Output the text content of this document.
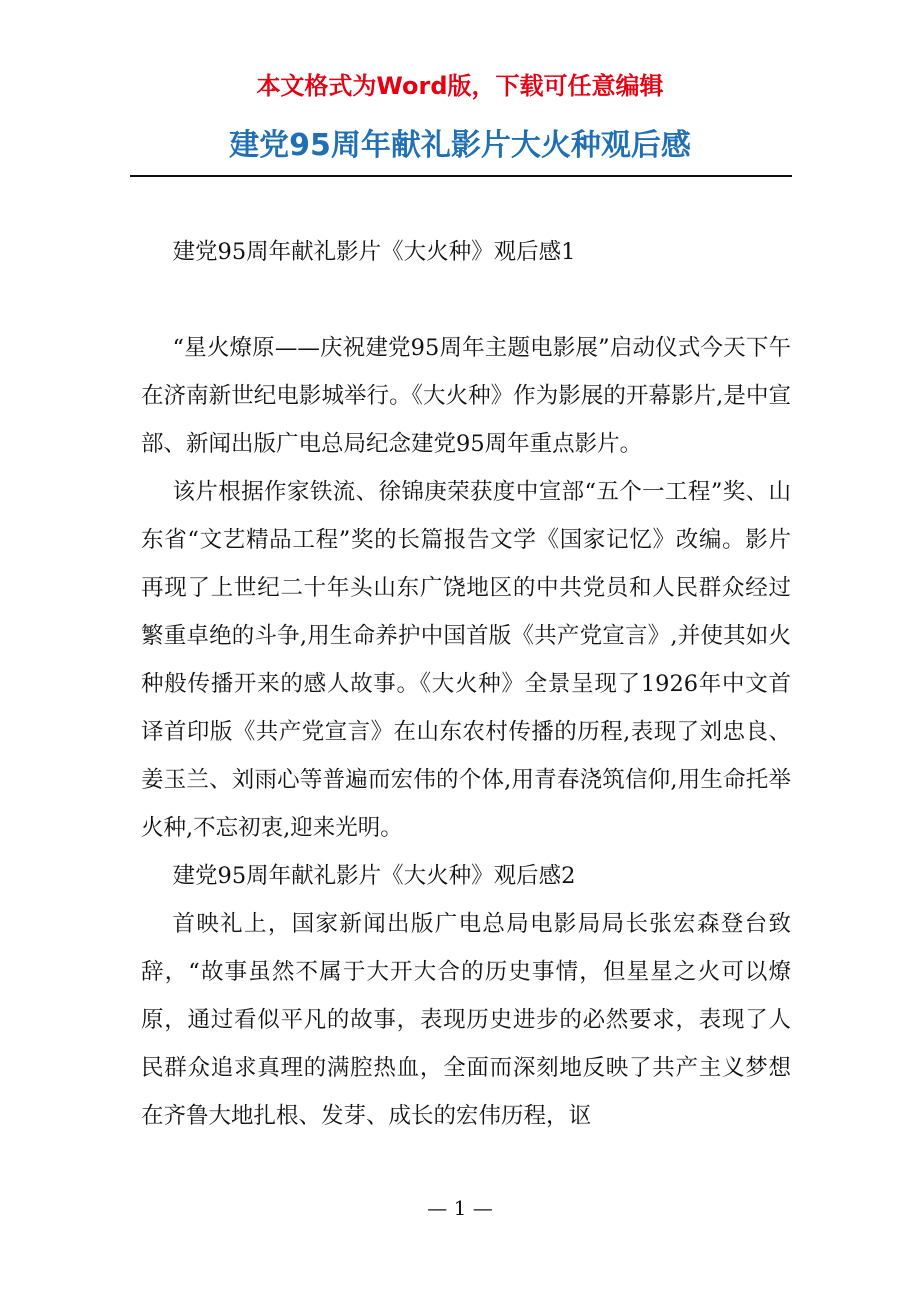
本文格式为Word版，下载可任意编辑
建党95周年献礼影片大火种观后感

建党95周年献礼影片《大火种》观后感1

“星火燎原——庆祝建党95周年主题电影展”启动仪式今天下午在济南新世纪电影城举行。《大火种》作为影展的开幕影片,是中宣部、新闻出版广电总局纪念建党95周年重点影片。

该片根据作家铁流、徐锦庚荣获度中宣部“五个一工程”奖、山东省“文艺精品工程”奖的长篇报告文学《国家记忆》改编。影片再现了上世纪二十年头山东广饶地区的中共党员和人民群众经过繁重卓绝的斗争,用生命养护中国首版《共产党宣言》,并使其如火种般传播开来的感人故事。《大火种》全景呈现了1926年中文首译首印版《共产党宣言》在山东农村传播的历程,表现了刘忠良、姜玉兰、刘雨心等普遍而宏伟的个体,用青春浇筑信仰,用生命托举火种,不忘初衷,迎来光明。

建党95周年献礼影片《大火种》观后感2

首映礼上，国家新闻出版广电总局电影局局长张宏森登台致辞，“故事虽然不属于大开大合的历史事情，但星星之火可以燎原，通过看似平凡的故事，表现历史进步的必然要求，表现了人民群众追求真理的满腔热血，全面而深刻地反映了共产主义梦想在齐鲁大地扎根、发芽、成长的宏伟历程，讴

— 1 —
